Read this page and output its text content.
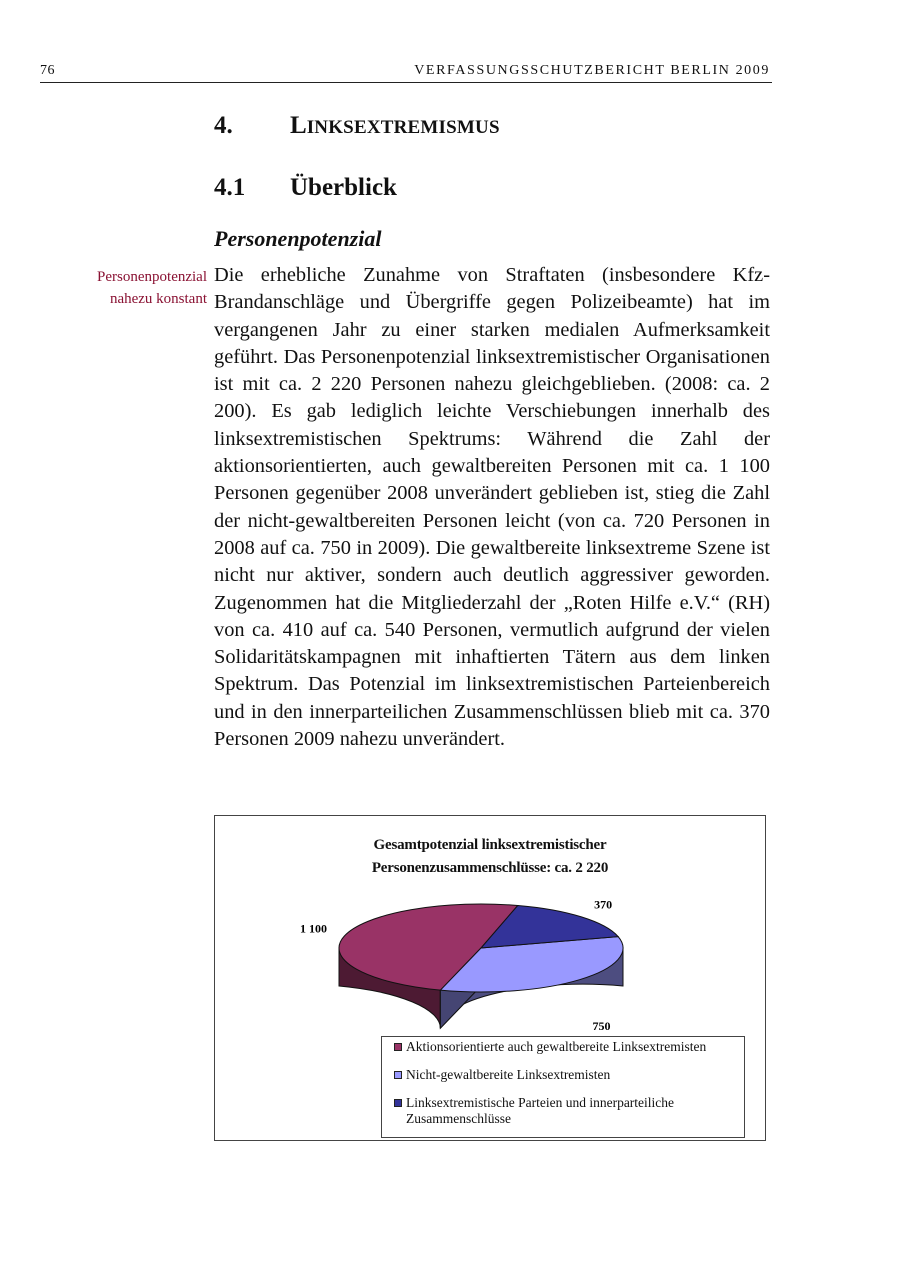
76	VERFASSUNGSSCHUTZBERICHT BERLIN 2009
4. LINKSEXTREMISMUS
4.1 Überblick
Personenpotenzial
Personenpotenzial
nahezu konstant

Die erhebliche Zunahme von Straftaten (insbesondere Kfz-Brandanschläge und Übergriffe gegen Polizeibeamte) hat im vergangenen Jahr zu einer starken medialen Aufmerksamkeit geführt. Das Personenpotenzial linksextremistischer Organisationen ist mit ca. 2 220 Personen nahezu gleichgeblieben. (2008: ca. 2 200). Es gab lediglich leichte Verschiebungen innerhalb des linksextremistischen Spektrums: Während die Zahl der aktionsorientierten, auch gewaltbereiten Personen mit ca. 1 100 Personen gegenüber 2008 unverändert geblieben ist, stieg die Zahl der nicht-gewaltbereiten Personen leicht (von ca. 720 Personen in 2008 auf ca. 750 in 2009). Die gewaltbereite linksextreme Szene ist nicht nur aktiver, sondern auch deutlich aggressiver geworden. Zugenommen hat die Mitgliederzahl der „Roten Hilfe e.V.“ (RH) von ca. 410 auf ca. 540 Personen, vermutlich aufgrund der vielen Solidaritätskampagnen mit inhaftierten Tätern aus dem linken Spektrum. Das Potenzial im linksextremistischen Parteienbereich und in den innerparteilichen Zusammenschlüssen blieb mit ca. 370 Personen 2009 nahezu unverändert.

Gesamtpotenzial linksextremistischer
Personenzusammenschlüsse: ca. 2 220
1 100
750
370
Aktionsorientierte auch gewaltbereite Linksextremisten
Nicht-gewaltbereite Linksextremisten
Linksextremistische Parteien und innerparteiliche Zusammenschlüsse
